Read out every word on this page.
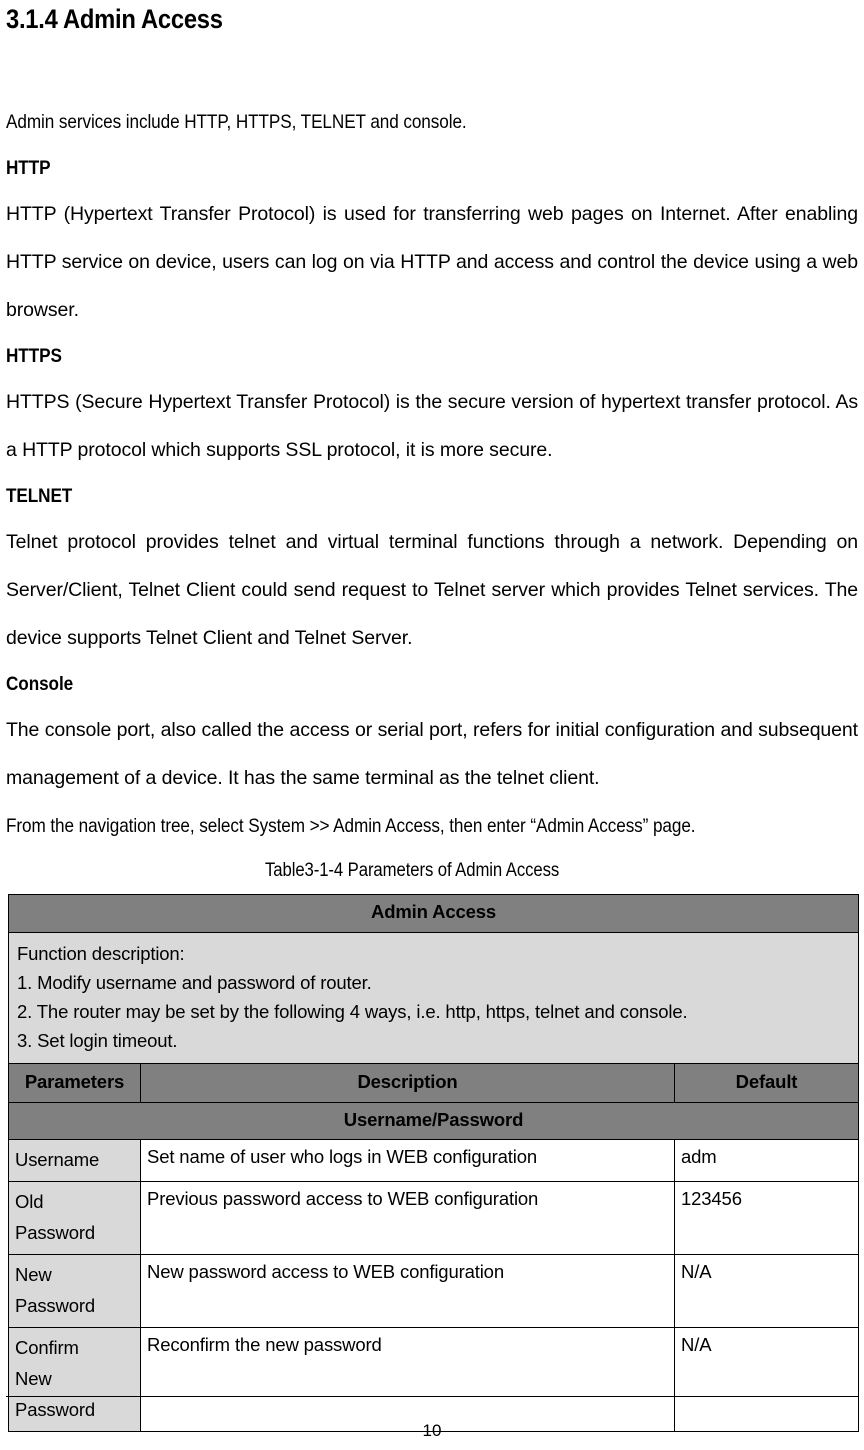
3.1.4 Admin Access

Admin services include HTTP, HTTPS, TELNET and console.

HTTP

HTTP (Hypertext Transfer Protocol) is used for transferring web pages on Internet. After enabling HTTP service on device, users can log on via HTTP and access and control the device using a web browser.

HTTPS

HTTPS (Secure Hypertext Transfer Protocol) is the secure version of hypertext transfer protocol. As a HTTP protocol which supports SSL protocol, it is more secure.

TELNET

Telnet protocol provides telnet and virtual terminal functions through a network. Depending on Server/Client, Telnet Client could send request to Telnet server which provides Telnet services. The device supports Telnet Client and Telnet Server.

Console

The console port, also called the access or serial port, refers for initial configuration and subsequent management of a device. It has the same terminal as the telnet client.

From the navigation tree, select System >> Admin Access, then enter “Admin Access” page.

Table3-1-4 Parameters of Admin Access
Admin Access		

Function description:
1. Modify username and password of router.
2. The router may be set by the following 4 ways, i.e. http, https, telnet and console.
3. Set login timeout.		

Parameters	Description	Default
Username/Password		

Username	Set name of user who logs in WEB configuration	adm

Old
Password	Previous password access to WEB configuration	123456

New
Password	New password access to WEB configuration	N/A

Confirm
New
Password	Reconfirm the new password	N/A
10
